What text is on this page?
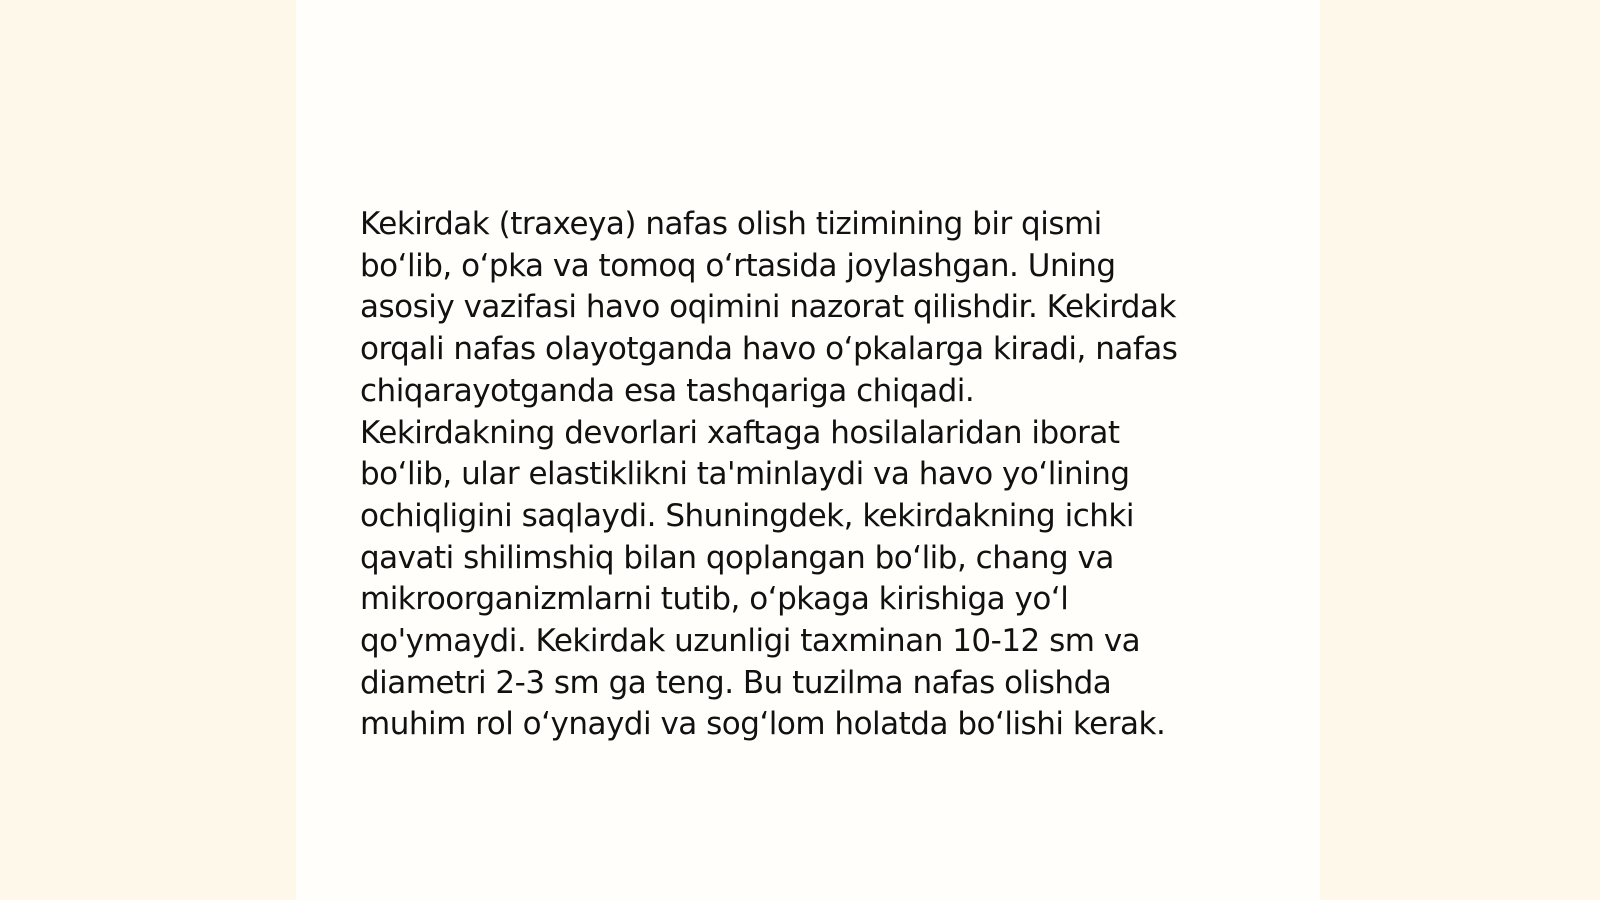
Kekirdak (traxeya) nafas olish tizimining bir qismi
boʻlib, oʻpka va tomoq oʻrtasida joylashgan. Uning
asosiy vazifasi havo oqimini nazorat qilishdir. Kekirdak
orqali nafas olayotganda havo oʻpkalarga kiradi, nafas
chiqarayotganda esa tashqariga chiqadi.
Kekirdakning devorlari xaftaga hosilalaridan iborat
boʻlib, ular elastiklikni ta'minlaydi va havo yoʻlining
ochiqligini saqlaydi. Shuningdek, kekirdakning ichki
qavati shilimshiq bilan qoplangan boʻlib, chang va
mikroorganizmlarni tutib, oʻpkaga kirishiga yoʻl
qo'ymaydi. Kekirdak uzunligi taxminan 10-12 sm va
diametri 2-3 sm ga teng. Bu tuzilma nafas olishda
muhim rol oʻynaydi va sogʻlom holatda boʻlishi kerak.
